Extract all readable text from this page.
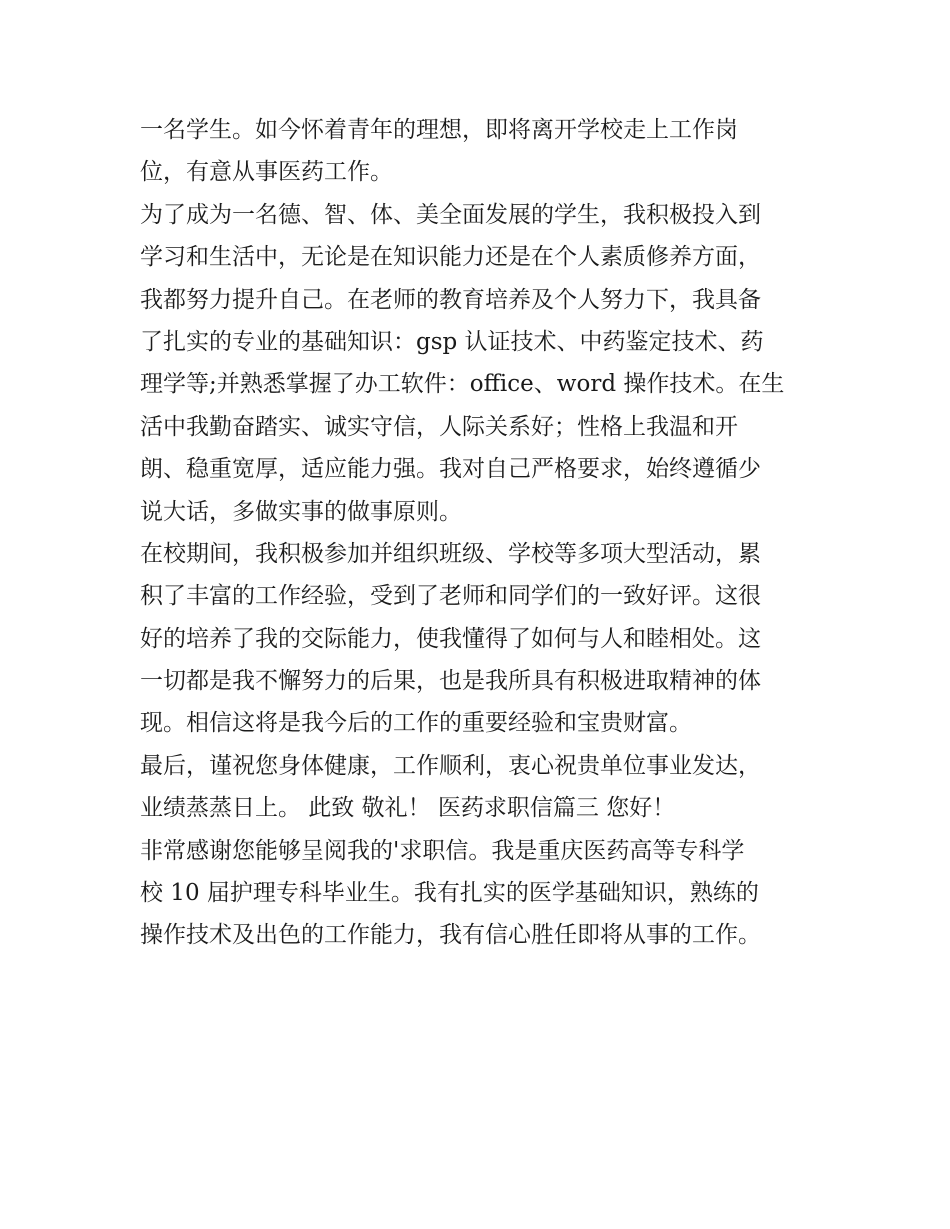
一名学生。如今怀着青年的理想，即将离开学校走上工作岗
位，有意从事医药工作。
为了成为一名德、智、体、美全面发展的学生，我积极投入到
学习和生活中，无论是在知识能力还是在个人素质修养方面，
我都努力提升自己。在老师的教育培养及个人努力下，我具备
了扎实的专业的基础知识：gsp 认证技术、中药鉴定技术、药
理学等;并熟悉掌握了办工软件：office、word 操作技术。在生
活中我勤奋踏实、诚实守信，人际关系好；性格上我温和开
朗、稳重宽厚，适应能力强。我对自己严格要求，始终遵循少
说大话，多做实事的做事原则。
在校期间，我积极参加并组织班级、学校等多项大型活动，累
积了丰富的工作经验，受到了老师和同学们的一致好评。这很
好的培养了我的交际能力，使我懂得了如何与人和睦相处。这
一切都是我不懈努力的后果，也是我所具有积极进取精神的体
现。相信这将是我今后的工作的重要经验和宝贵财富。
最后，谨祝您身体健康，工作顺利，衷心祝贵单位事业发达，
业绩蒸蒸日上。 此致 敬礼！ 医药求职信篇三 您好！
非常感谢您能够呈阅我的'求职信。我是重庆医药高等专科学
校 10 届护理专科毕业生。我有扎实的医学基础知识，熟练的
操作技术及出色的工作能力，我有信心胜任即将从事的工作。
